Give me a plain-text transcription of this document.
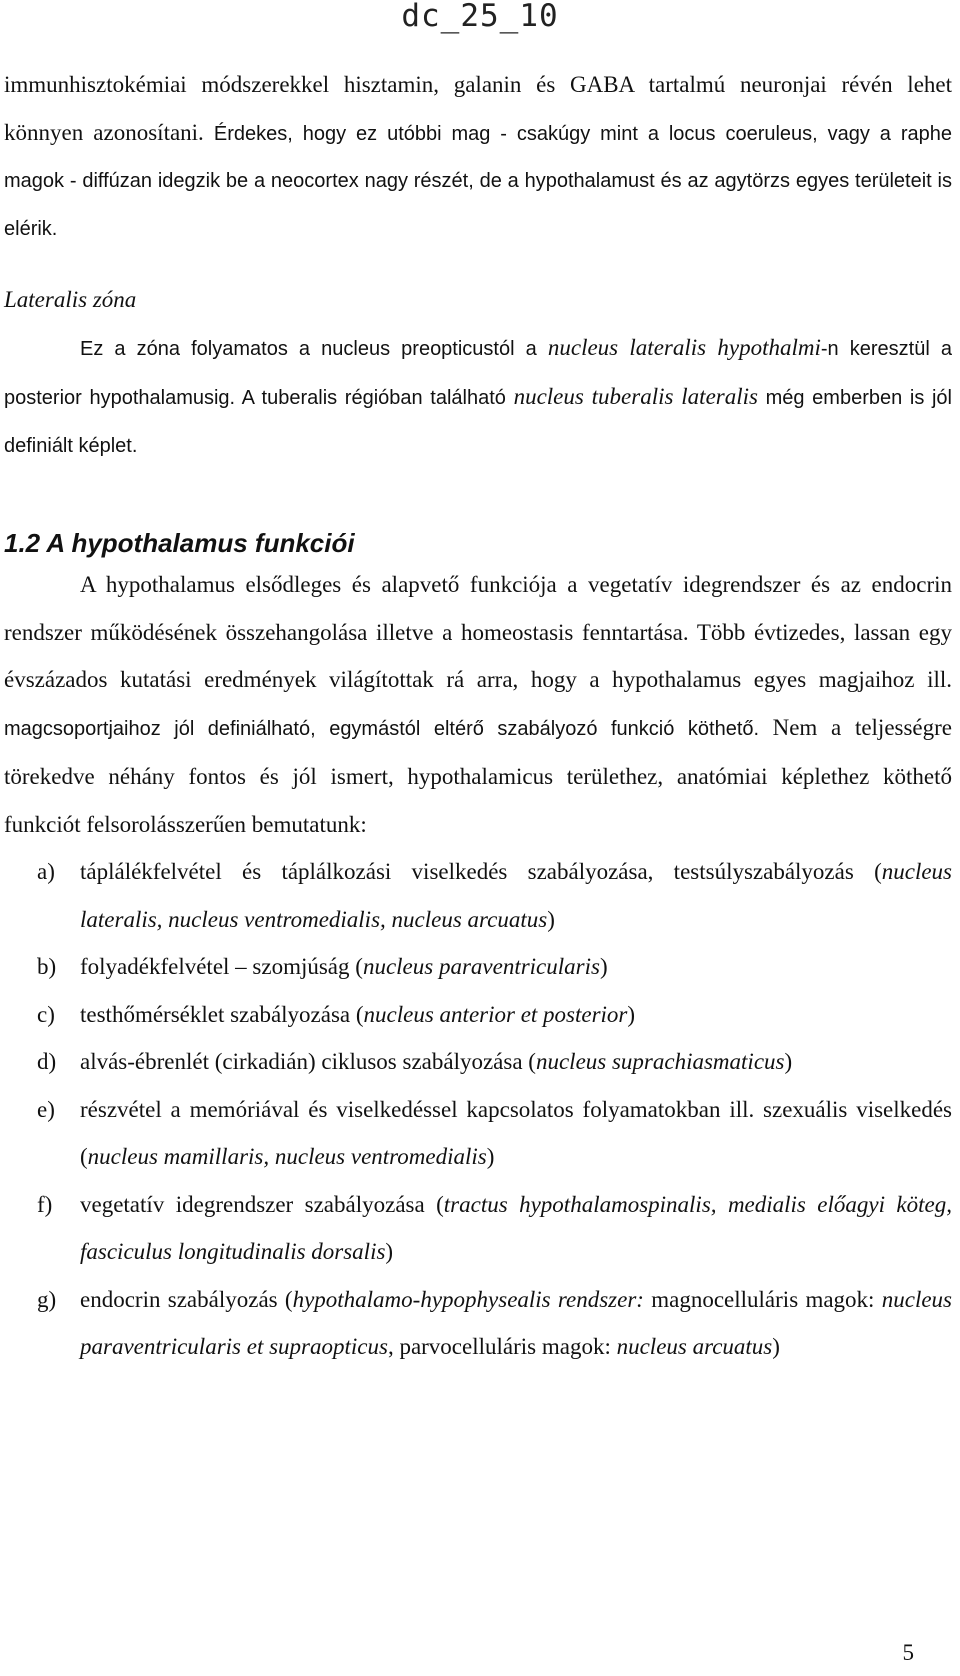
dc_25_10

immunhisztokémiai módszerekkel hisztamin, galanin és GABA tartalmú neuronjai révén lehet könnyen azonosítani. Érdekes, hogy ez utóbbi mag - csakúgy mint a locus coeruleus, vagy a raphe magok - diffúzan idegzik be a neocortex nagy részét, de a hypothalamust és az agytörzs egyes területeit is elérik.

Lateralis zóna

Ez a zóna folyamatos a nucleus preopticustól a nucleus lateralis hypothalmi-n keresztül a posterior hypothalamusig. A tuberalis régióban található nucleus tuberalis lateralis még emberben is jól definiált képlet.

1.2 A hypothalamus funkciói

A hypothalamus elsődleges és alapvető funkciója a vegetatív idegrendszer és az endocrin rendszer működésének összehangolása illetve a homeostasis fenntartása. Több évtizedes, lassan egy évszázados kutatási eredmények világítottak rá arra, hogy a hypothalamus egyes magjaihoz ill. magcsoportjaihoz jól definiálható, egymástól eltérő szabályozó funkció köthető. Nem a teljességre törekedve néhány fontos és jól ismert, hypothalamicus területhez, anatómiai képlethez köthető funkciót felsorolásszerűen bemutatunk:

a) táplálékfelvétel és táplálkozási viselkedés szabályozása, testsúlyszabályozás (nucleus lateralis, nucleus ventromedialis, nucleus arcuatus)
b) folyadékfelvétel – szomjúság (nucleus paraventricularis)
c) testhőmérséklet szabályozása (nucleus anterior et posterior)
d) alvás-ébrenlét (cirkadián) ciklusos szabályozása (nucleus suprachiasmaticus)
e) részvétel a memóriával és viselkedéssel kapcsolatos folyamatokban ill. szexuális viselkedés (nucleus mamillaris, nucleus ventromedialis)
f) vegetatív idegrendszer szabályozása (tractus hypothalamospinalis, medialis előagyi köteg, fasciculus longitudinalis dorsalis)
g) endocrin szabályozás (hypothalamo-hypophysealis rendszer: magnocelluláris magok: nucleus paraventricularis et supraopticus, parvocelluláris magok: nucleus arcuatus)
5
